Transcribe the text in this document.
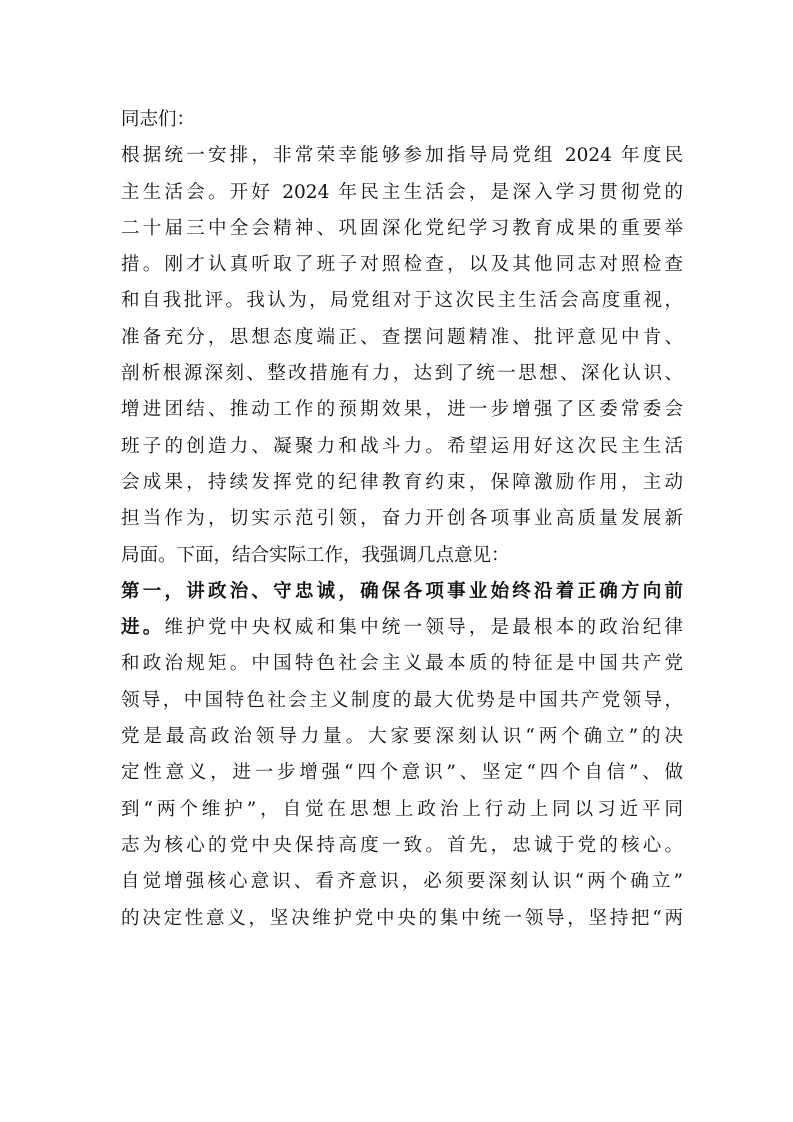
同志们：
根据统一安排，非常荣幸能够参加指导局党组 2024 年度民
主生活会。开好 2024 年民主生活会，是深入学习贯彻党的
二十届三中全会精神、巩固深化党纪学习教育成果的重要举
措。刚才认真听取了班子对照检查，以及其他同志对照检查
和自我批评。我认为，局党组对于这次民主生活会高度重视，
准备充分，思想态度端正、查摆问题精准、批评意见中肯、
剖析根源深刻、整改措施有力，达到了统一思想、深化认识、
增进团结、推动工作的预期效果，进一步增强了区委常委会
班子的创造力、凝聚力和战斗力。希望运用好这次民主生活
会成果，持续发挥党的纪律教育约束，保障激励作用，主动
担当作为，切实示范引领，奋力开创各项事业高质量发展新
局面。下面，结合实际工作，我强调几点意见：
第一，讲政治、守忠诚，确保各项事业始终沿着正确方向前
进。维护党中央权威和集中统一领导，是最根本的政治纪律
和政治规矩。中国特色社会主义最本质的特征是中国共产党
领导，中国特色社会主义制度的最大优势是中国共产党领导，
党是最高政治领导力量。大家要深刻认识“两个确立”的决
定性意义，进一步增强“四个意识”、坚定“四个自信”、做
到“两个维护”，自觉在思想上政治上行动上同以习近平同
志为核心的党中央保持高度一致。首先，忠诚于党的核心。
自觉增强核心意识、看齐意识，必须要深刻认识“两个确立”
的决定性意义，坚决维护党中央的集中统一领导，坚持把“两
